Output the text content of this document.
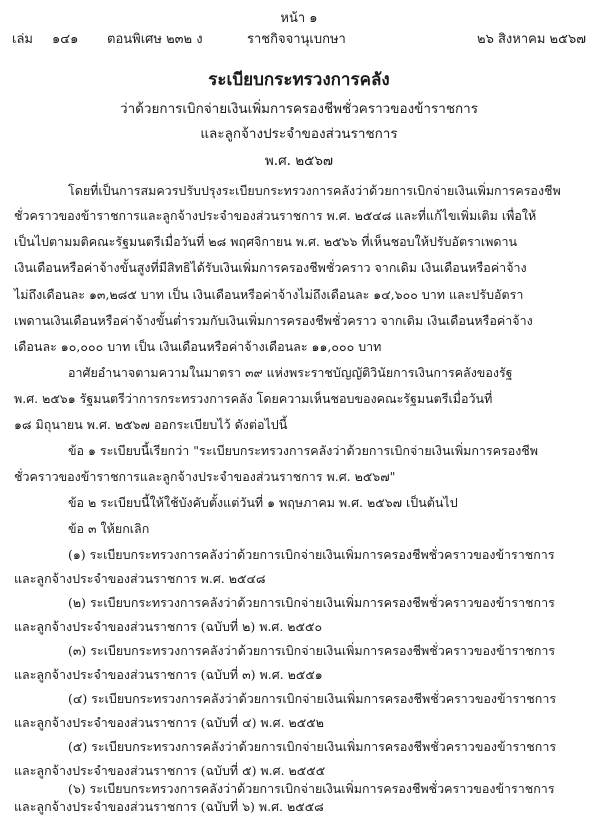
หน้า ๑
เล่ม ๑๔๑ ตอนพิเศษ ๒๓๒ ง	ราชกิจจานุเบกษา	๒๖ สิงหาคม ๒๕๖๗
ระเบียบกระทรวงการคลัง
ว่าด้วยการเบิกจ่ายเงินเพิ่มการครองชีพชั่วคราวของข้าราชการ
และลูกจ้างประจำของส่วนราชการ
พ.ศ. ๒๕๖๗
โดยที่เป็นการสมควรปรับปรุงระเบียบกระทรวงการคลังว่าด้วยการเบิกจ่ายเงินเพิ่มการครองชีพ
ชั่วคราวของข้าราชการและลูกจ้างประจำของส่วนราชการ พ.ศ. ๒๕๔๘ และที่แก้ไขเพิ่มเติม เพื่อให้
เป็นไปตามมติคณะรัฐมนตรีเมื่อวันที่ ๒๘ พฤศจิกายน พ.ศ. ๒๕๖๖ ที่เห็นชอบให้ปรับอัตราเพดาน
เงินเดือนหรือค่าจ้างขั้นสูงที่มีสิทธิได้รับเงินเพิ่มการครองชีพชั่วคราว จากเดิม เงินเดือนหรือค่าจ้าง
ไม่ถึงเดือนละ ๑๓,๒๘๕ บาท เป็น เงินเดือนหรือค่าจ้างไม่ถึงเดือนละ ๑๔,๖๐๐ บาท และปรับอัตรา
เพดานเงินเดือนหรือค่าจ้างขั้นต่ำรวมกับเงินเพิ่มการครองชีพชั่วคราว จากเดิม เงินเดือนหรือค่าจ้าง
เดือนละ ๑๐,๐๐๐ บาท เป็น เงินเดือนหรือค่าจ้างเดือนละ ๑๑,๐๐๐ บาท
อาศัยอำนาจตามความในมาตรา ๓๙ แห่งพระราชบัญญัติวินัยการเงินการคลังของรัฐ
พ.ศ. ๒๕๖๑ รัฐมนตรีว่าการกระทรวงการคลัง โดยความเห็นชอบของคณะรัฐมนตรีเมื่อวันที่
๑๘ มิถุนายน พ.ศ. ๒๕๖๗ ออกระเบียบไว้ ดังต่อไปนี้
ข้อ ๑ ระเบียบนี้เรียกว่า "ระเบียบกระทรวงการคลังว่าด้วยการเบิกจ่ายเงินเพิ่มการครองชีพ
ชั่วคราวของข้าราชการและลูกจ้างประจำของส่วนราชการ พ.ศ. ๒๕๖๗"
ข้อ ๒ ระเบียบนี้ให้ใช้บังคับตั้งแต่วันที่ ๑ พฤษภาคม พ.ศ. ๒๕๖๗ เป็นต้นไป
ข้อ ๓ ให้ยกเลิก
(๑) ระเบียบกระทรวงการคลังว่าด้วยการเบิกจ่ายเงินเพิ่มการครองชีพชั่วคราวของข้าราชการ
และลูกจ้างประจำของส่วนราชการ พ.ศ. ๒๕๔๘
(๒) ระเบียบกระทรวงการคลังว่าด้วยการเบิกจ่ายเงินเพิ่มการครองชีพชั่วคราวของข้าราชการ
และลูกจ้างประจำของส่วนราชการ (ฉบับที่ ๒) พ.ศ. ๒๕๕๐
(๓) ระเบียบกระทรวงการคลังว่าด้วยการเบิกจ่ายเงินเพิ่มการครองชีพชั่วคราวของข้าราชการ
และลูกจ้างประจำของส่วนราชการ (ฉบับที่ ๓) พ.ศ. ๒๕๕๑
(๔) ระเบียบกระทรวงการคลังว่าด้วยการเบิกจ่ายเงินเพิ่มการครองชีพชั่วคราวของข้าราชการ
และลูกจ้างประจำของส่วนราชการ (ฉบับที่ ๔) พ.ศ. ๒๕๕๒
(๕) ระเบียบกระทรวงการคลังว่าด้วยการเบิกจ่ายเงินเพิ่มการครองชีพชั่วคราวของข้าราชการ
และลูกจ้างประจำของส่วนราชการ (ฉบับที่ ๕) พ.ศ. ๒๕๕๕
(๖) ระเบียบกระทรวงการคลังว่าด้วยการเบิกจ่ายเงินเพิ่มการครองชีพชั่วคราวของข้าราชการ
และลูกจ้างประจำของส่วนราชการ (ฉบับที่ ๖) พ.ศ. ๒๕๕๘
